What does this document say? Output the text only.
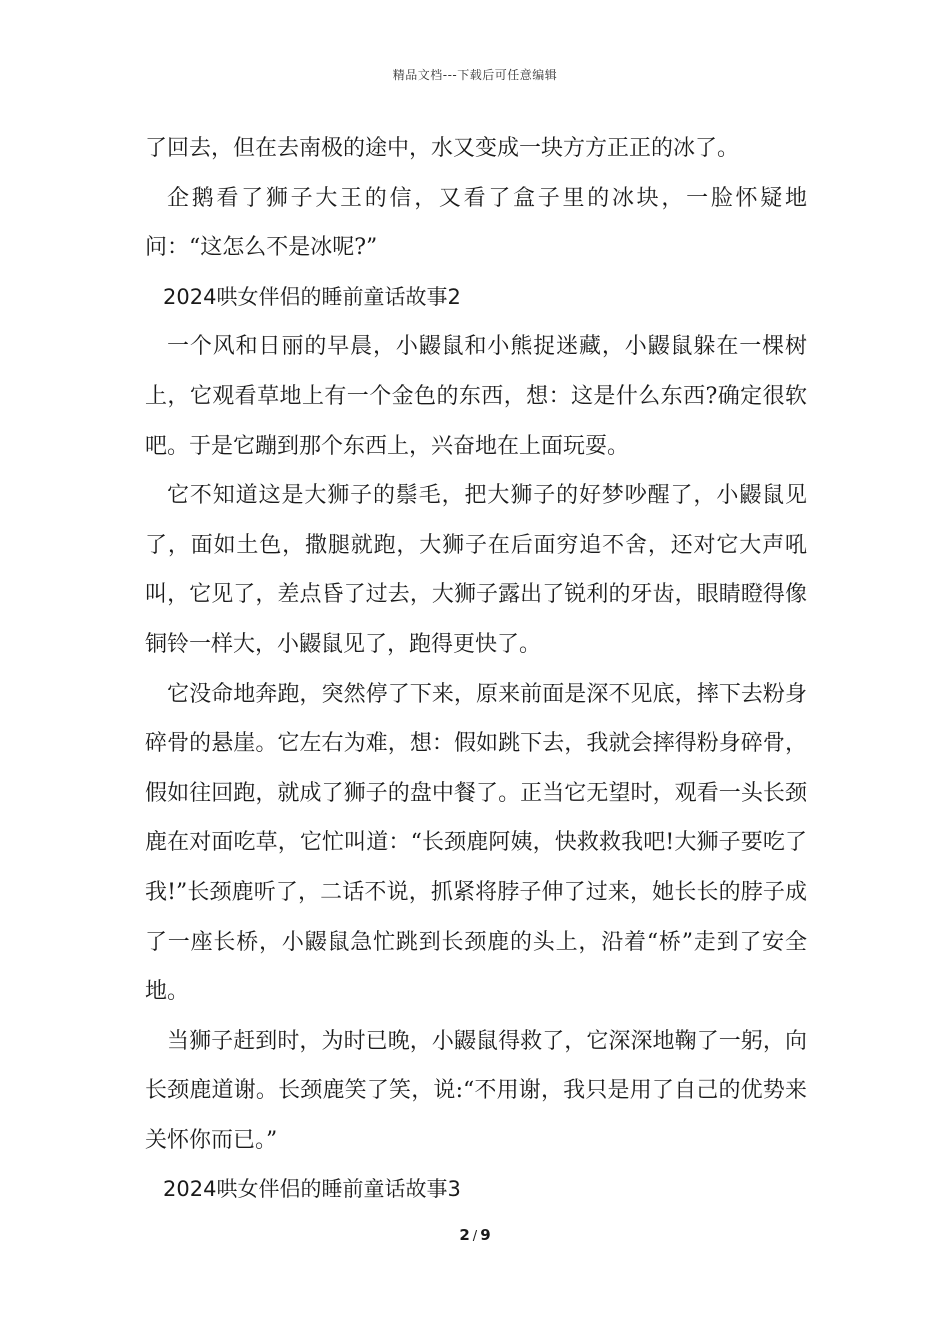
精品文档---下载后可任意编辑

了回去，但在去南极的途中，水又变成一块方方正正的冰了。

企鹅看了狮子大王的信，又看了盒子里的冰块，一脸怀疑地问：“这怎么不是冰呢?”

2024哄女伴侣的睡前童话故事2

一个风和日丽的早晨，小鼹鼠和小熊捉迷藏，小鼹鼠躲在一棵树上，它观看草地上有一个金色的东西，想：这是什么东西?确定很软吧。于是它蹦到那个东西上，兴奋地在上面玩耍。

它不知道这是大狮子的鬃毛，把大狮子的好梦吵醒了，小鼹鼠见了，面如土色，撒腿就跑，大狮子在后面穷追不舍，还对它大声吼叫，它见了，差点昏了过去，大狮子露出了锐利的牙齿，眼睛瞪得像铜铃一样大，小鼹鼠见了，跑得更快了。

它没命地奔跑，突然停了下来，原来前面是深不见底，摔下去粉身碎骨的悬崖。它左右为难，想：假如跳下去，我就会摔得粉身碎骨，假如往回跑，就成了狮子的盘中餐了。正当它无望时，观看一头长颈鹿在对面吃草，它忙叫道：“长颈鹿阿姨，快救救我吧!大狮子要吃了我!”长颈鹿听了，二话不说，抓紧将脖子伸了过来，她长长的脖子成了一座长桥，小鼹鼠急忙跳到长颈鹿的头上，沿着“桥”走到了安全地。

当狮子赶到时，为时已晚，小鼹鼠得救了，它深深地鞠了一躬，向长颈鹿道谢。长颈鹿笑了笑，说:“不用谢，我只是用了自己的优势来关怀你而已。”

2024哄女伴侣的睡前童话故事3

2 / 9
